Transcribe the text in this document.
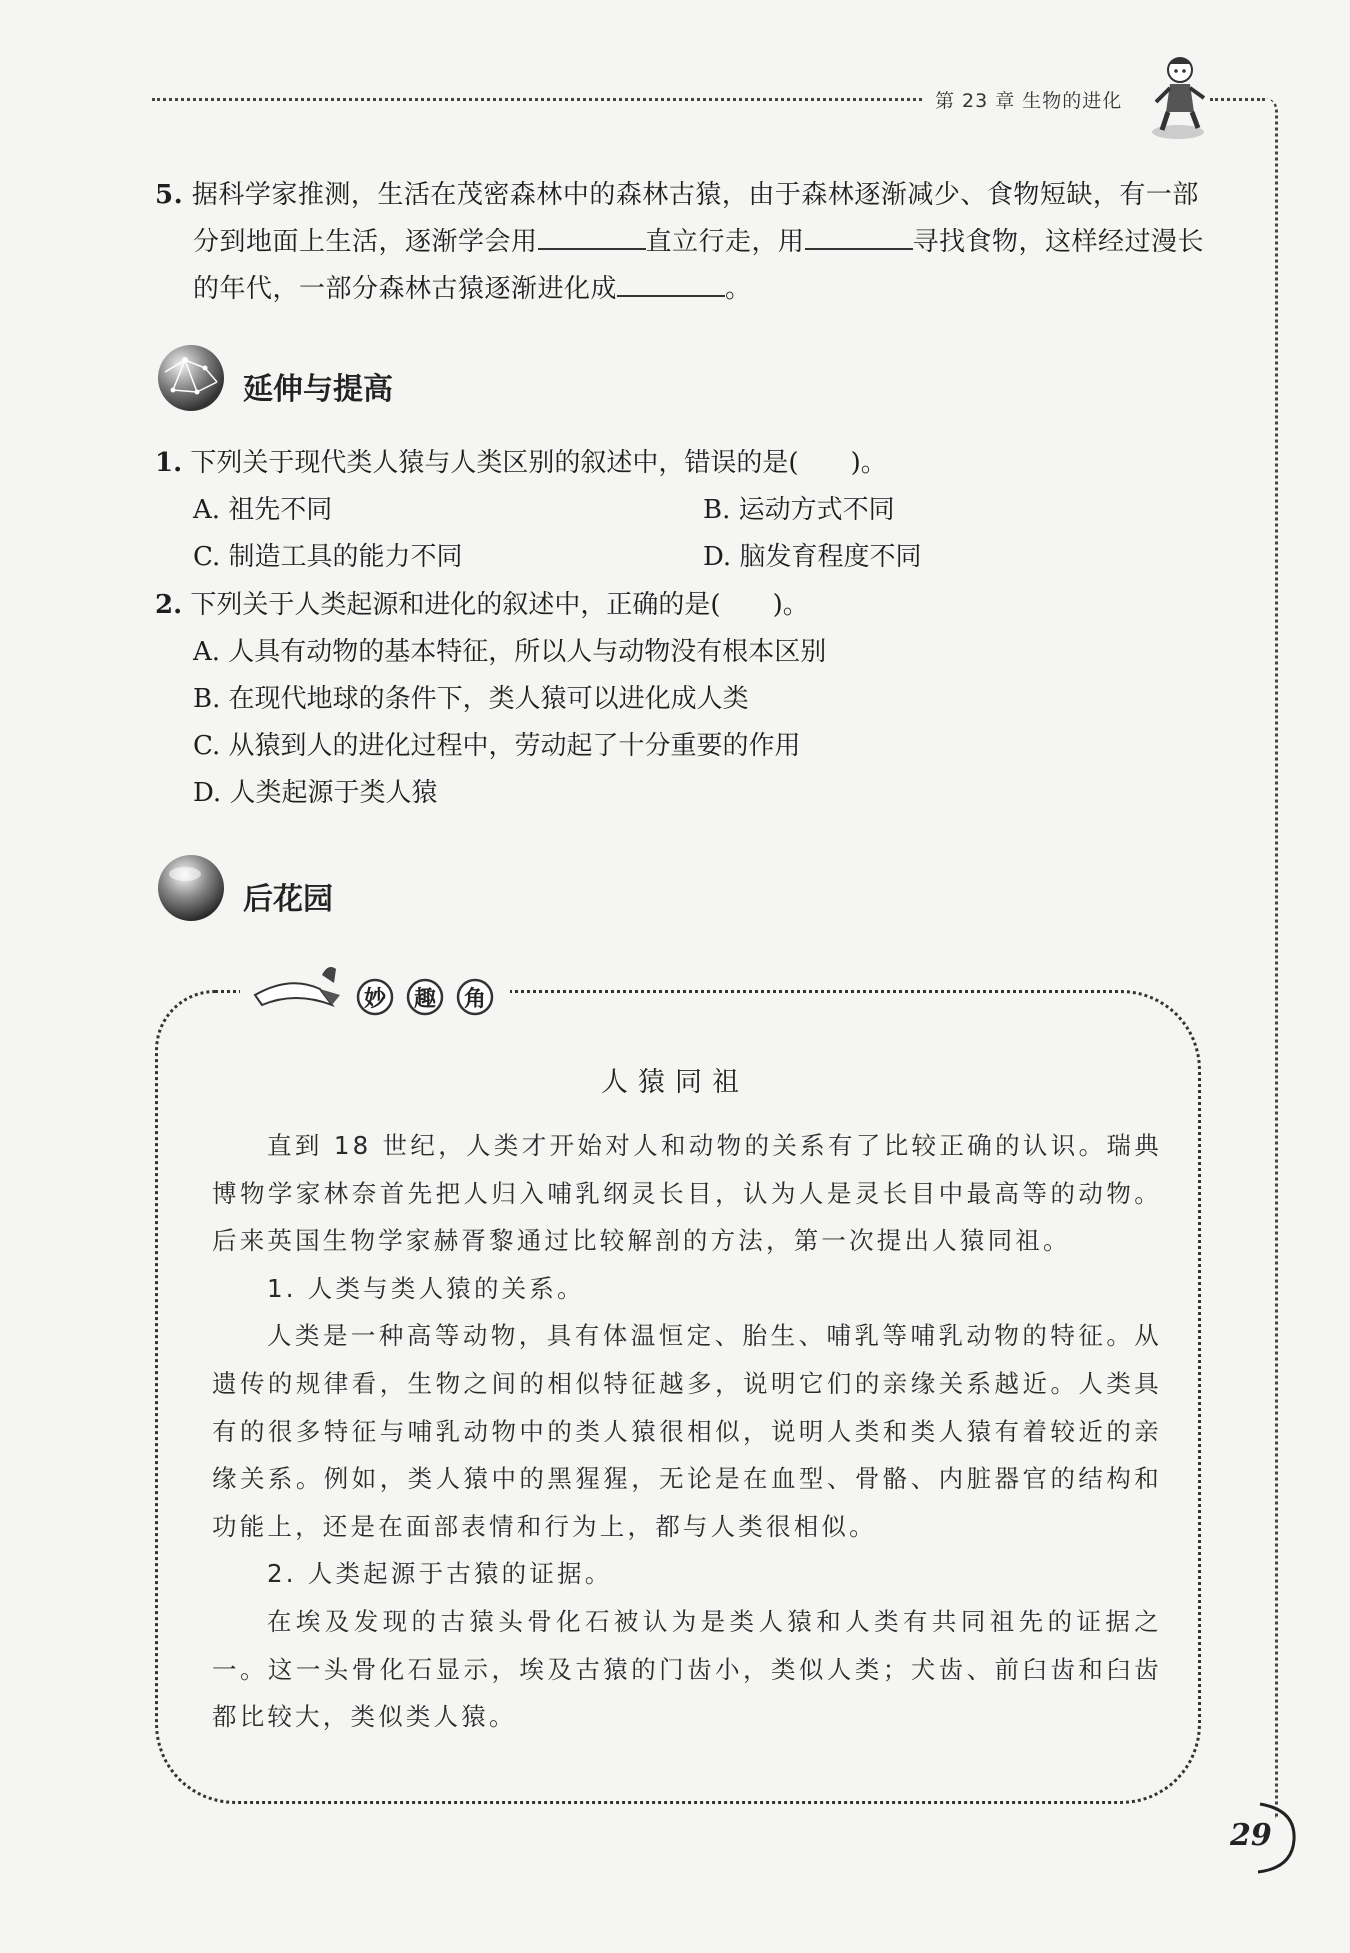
第 23 章 生物的进化
5. 据科学家推测，生活在茂密森林中的森林古猿，由于森林逐渐减少、食物短缺，有一部
分到地面上生活，逐渐学会用	直立行走，用	寻找食物，这样经过漫长
的年代，一部分森林古猿逐渐进化成	。
延伸与提高
1. 下列关于现代类人猿与人类区别的叙述中，错误的是(　　)。
A. 祖先不同	B. 运动方式不同
C. 制造工具的能力不同	D. 脑发育程度不同
2. 下列关于人类起源和进化的叙述中，正确的是(　　)。
A. 人具有动物的基本特征，所以人与动物没有根本区别
B. 在现代地球的条件下，类人猿可以进化成人类
C. 从猿到人的进化过程中，劳动起了十分重要的作用
D. 人类起源于类人猿
后花园
妙 趣 角
人猿同祖

直到 18 世纪，人类才开始对人和动物的关系有了比较正确的认识。瑞典博物学家林奈首先把人归入哺乳纲灵长目，认为人是灵长目中最高等的动物。后来英国生物学家赫胥黎通过比较解剖的方法，第一次提出人猿同祖。

1. 人类与类人猿的关系。

人类是一种高等动物，具有体温恒定、胎生、哺乳等哺乳动物的特征。从遗传的规律看，生物之间的相似特征越多，说明它们的亲缘关系越近。人类具有的很多特征与哺乳动物中的类人猿很相似，说明人类和类人猿有着较近的亲缘关系。例如，类人猿中的黑猩猩，无论是在血型、骨骼、内脏器官的结构和功能上，还是在面部表情和行为上，都与人类很相似。

2. 人类起源于古猿的证据。

在埃及发现的古猿头骨化石被认为是类人猿和人类有共同祖先的证据之一。这一头骨化石显示，埃及古猿的门齿小，类似人类；犬齿、前臼齿和臼齿都比较大，类似类人猿。

29
